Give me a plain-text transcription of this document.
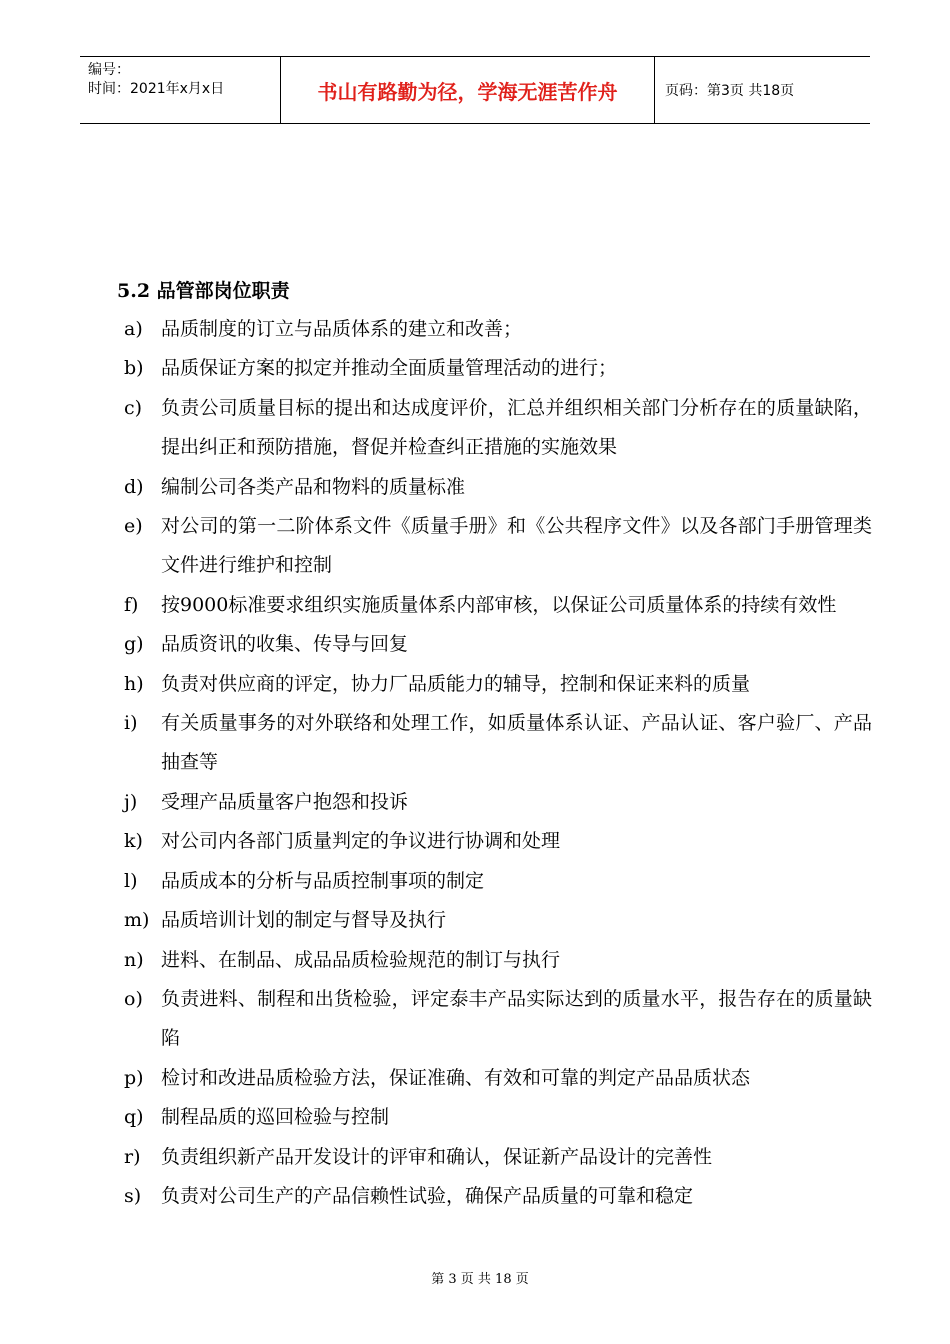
编号：
时间：2021年x月x日	书山有路勤为径，学海无涯苦作舟	页码：第3页 共18页
5.2 品管部岗位职责
a) 品质制度的订立与品质体系的建立和改善；
b) 品质保证方案的拟定并推动全面质量管理活动的进行；
c) 负责公司质量目标的提出和达成度评价，汇总并组织相关部门分析存在的质量缺陷，提出纠正和预防措施，督促并检查纠正措施的实施效果
d) 编制公司各类产品和物料的质量标准
e) 对公司的第一二阶体系文件《质量手册》和《公共程序文件》以及各部门手册管理类文件进行维护和控制
f)	按9000标准要求组织实施质量体系内部审核，以保证公司质量体系的持续有效性
g) 品质资讯的收集、传导与回复
h) 负责对供应商的评定，协力厂品质能力的辅导，控制和保证来料的质量
i)	有关质量事务的对外联络和处理工作，如质量体系认证、产品认证、客户验厂、产品抽查等
j)	受理产品质量客户抱怨和投诉
k) 对公司内各部门质量判定的争议进行协调和处理
l)	品质成本的分析与品质控制事项的制定
m) 品质培训计划的制定与督导及执行
n) 进料、在制品、成品品质检验规范的制订与执行
o) 负责进料、制程和出货检验，评定泰丰产品实际达到的质量水平，报告存在的质量缺陷
p) 检讨和改进品质检验方法，保证准确、有效和可靠的判定产品品质状态
q) 制程品质的巡回检验与控制
r)	负责组织新产品开发设计的评审和确认，保证新产品设计的完善性
s)	负责对公司生产的产品信赖性试验，确保产品质量的可靠和稳定
第 3 页 共 18 页
